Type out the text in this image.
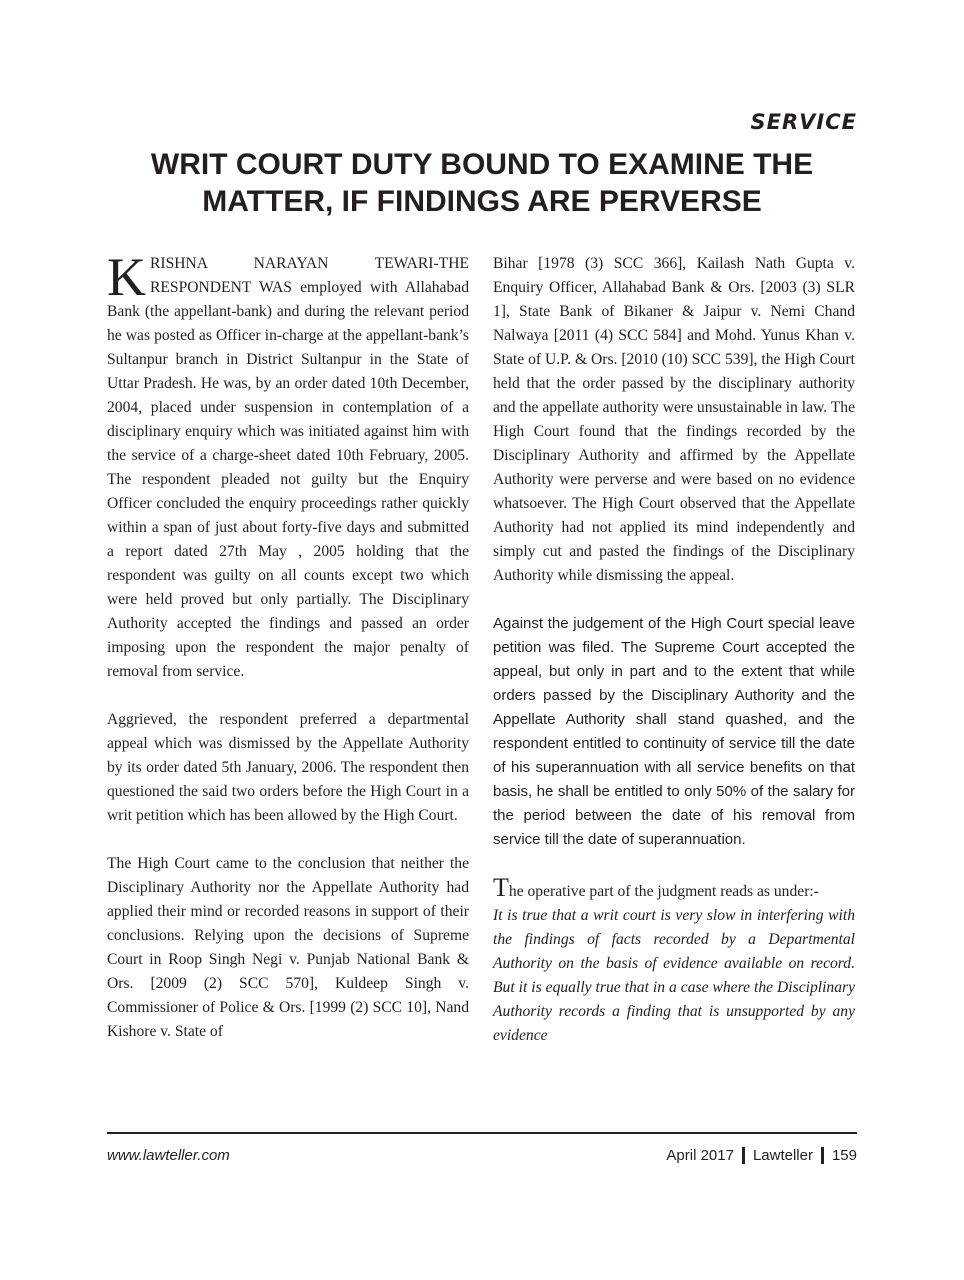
SERVICE
WRIT COURT DUTY BOUND TO EXAMINE THE
MATTER, IF FINDINGS ARE PERVERSE

KRISHNA NARAYAN TEWARI-THE RESPONDENT WAS employed with Allahabad Bank (the appellant-bank) and during the relevant period he was posted as Officer in-charge at the appellant-bank’s Sultanpur branch in District Sultanpur in the State of Uttar Pradesh. He was, by an order dated 10th December, 2004, placed under suspension in contemplation of a disciplinary enquiry which was initiated against him with the service of a charge-sheet dated 10th February, 2005. The respondent pleaded not guilty but the Enquiry Officer concluded the enquiry proceedings rather quickly within a span of just about forty-five days and submitted a report dated 27th May , 2005 holding that the respondent was guilty on all counts except two which were held proved but only partially. The Disciplinary Authority accepted the findings and passed an order imposing upon the respondent the major penalty of removal from service.

Aggrieved, the respondent preferred a departmental appeal which was dismissed by the Appellate Authority by its order dated 5th January, 2006. The respondent then questioned the said two orders before the High Court in a writ petition which has been allowed by the High Court.

The High Court came to the conclusion that neither the Disciplinary Authority nor the Appellate Authority had applied their mind or recorded reasons in support of their conclusions. Relying upon the decisions of Supreme Court in Roop Singh Negi v. Punjab National Bank & Ors. [2009 (2) SCC 570], Kuldeep Singh v. Commissioner of Police & Ors. [1999 (2) SCC 10], Nand Kishore v. State of

Bihar [1978 (3) SCC 366], Kailash Nath Gupta v. Enquiry Officer, Allahabad Bank & Ors. [2003 (3) SLR 1], State Bank of Bikaner & Jaipur v. Nemi Chand Nalwaya [2011 (4) SCC 584] and Mohd. Yunus Khan v. State of U.P. & Ors. [2010 (10) SCC 539], the High Court held that the order passed by the disciplinary authority and the appellate authority were unsustainable in law. The High Court found that the findings recorded by the Disciplinary Authority and affirmed by the Appellate Authority were perverse and were based on no evidence whatsoever. The High Court observed that the Appellate Authority had not applied its mind independently and simply cut and pasted the findings of the Disciplinary Authority while dismissing the appeal.

Against the judgement of the High Court special leave petition was filed. The Supreme Court accepted the appeal, but only in part and to the extent that while orders passed by the Disciplinary Authority and the Appellate Authority shall stand quashed, and the respondent entitled to continuity of service till the date of his superannuation with all service benefits on that basis, he shall be entitled to only 50% of the salary for the period between the date of his removal from service till the date of superannuation.

The operative part of the judgment reads as under:-

It is true that a writ court is very slow in interfering with the findings of facts recorded by a Departmental Authority on the basis of evidence available on record. But it is equally true that in a case where the Disciplinary Authority records a finding that is unsupported by any evidence

www.lawteller.com	April 2017 Lawteller 159
